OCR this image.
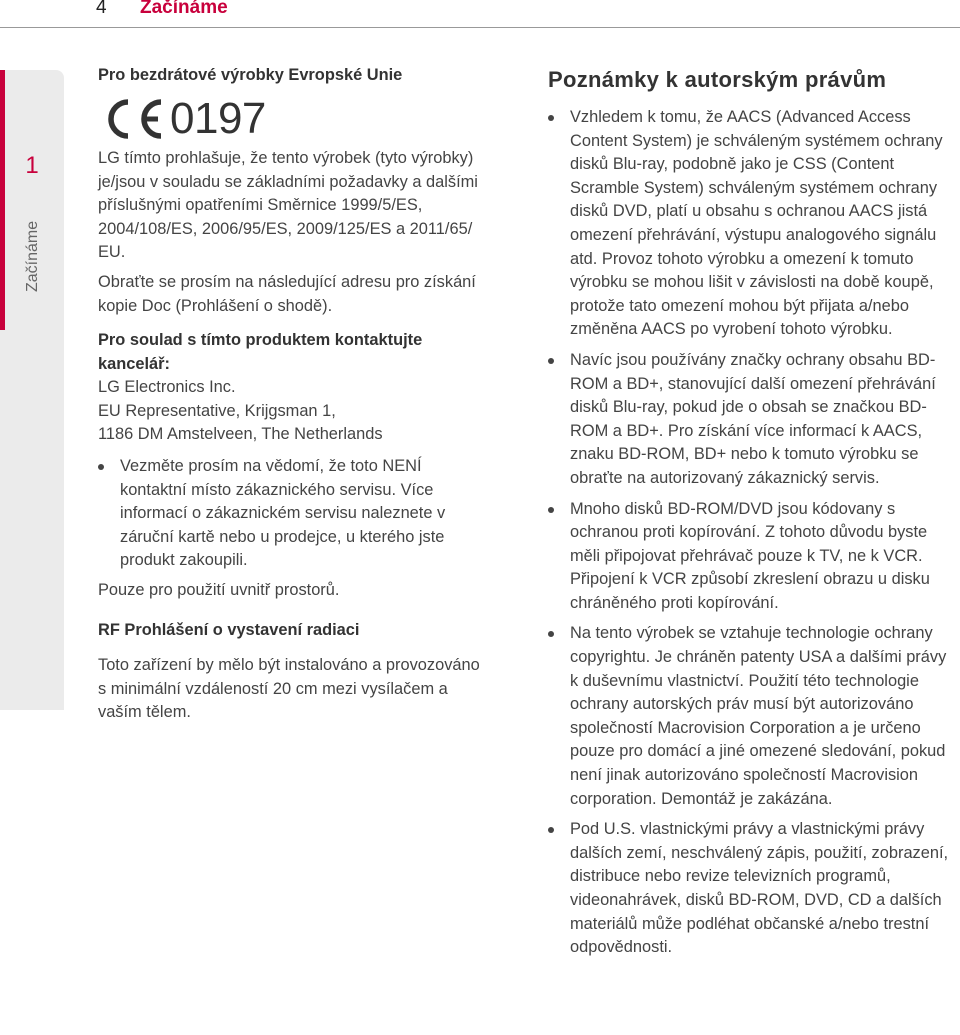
4 Začínáme
1
Začínáme
Pro bezdrátové výrobky Evropské Unie
0197

LG tímto prohlašuje, že tento výrobek (tyto výrobky) je/jsou v souladu se základními požadavky a dalšími příslušnými opatřeními Směrnice 1999/5/ES, 2004/108/ES, 2006/95/ES, 2009/125/ES a 2011/65/ EU.

Obraťte se prosím na následující adresu pro získání kopie Doc (Prohlášení o shodě).

Pro soulad s tímto produktem kontaktujte kancelář:
LG Electronics Inc.
EU Representative, Krijgsman 1,
1186 DM Amstelveen, The Netherlands
Vezměte prosím na vědomí, že toto NENÍ kontaktní místo zákaznického servisu. Více informací o zákaznickém servisu naleznete v záruční kartě nebo u prodejce, u kterého jste produkt zakoupili.

Pouze pro použití uvnitř prostorů.

RF Prohlášení o vystavení radiaci

Toto zařízení by mělo být instalováno a provozováno s minimální vzdáleností 20 cm mezi vysílačem a vaším tělem.

Poznámky k autorským právům
Vzhledem k tomu, že AACS (Advanced Access Content System) je schváleným systémem ochrany disků Blu-ray, podobně jako je CSS (Content Scramble System) schváleným systémem ochrany disků DVD, platí u obsahu s ochranou AACS jistá omezení přehrávání, výstupu analogového signálu atd. Provoz tohoto výrobku a omezení k tomuto výrobku se mohou lišit v závislosti na době koupě, protože tato omezení mohou být přijata a/nebo změněna AACS po vyrobení tohoto výrobku.
Navíc jsou používány značky ochrany obsahu BD-ROM a BD+, stanovující další omezení přehrávání disků Blu-ray, pokud jde o obsah se značkou BD-ROM a BD+. Pro získání více informací k AACS, znaku BD-ROM, BD+ nebo k tomuto výrobku se obraťte na autorizovaný zákaznický servis.
Mnoho disků BD-ROM/DVD jsou kódovany s ochranou proti kopírování. Z tohoto důvodu byste měli připojovat přehrávač pouze k TV, ne k VCR. Připojení k VCR způsobí zkreslení obrazu u disku chráněného proti kopírování.
Na tento výrobek se vztahuje technologie ochrany copyrightu. Je chráněn patenty USA a dalšími právy k duševnímu vlastnictví. Použití této technologie ochrany autorských práv musí být autorizováno společností Macrovision Corporation a je určeno pouze pro domácí a jiné omezené sledování, pokud není jinak autorizováno společností Macrovision corporation. Demontáž je zakázána.
Pod U.S. vlastnickými právy a vlastnickými právy dalších zemí, neschválený zápis, použití, zobrazení, distribuce nebo revize televizních programů, videonahrávek, disků BD-ROM, DVD, CD a dalších materiálů může podléhat občanské a/nebo trestní odpovědnosti.
